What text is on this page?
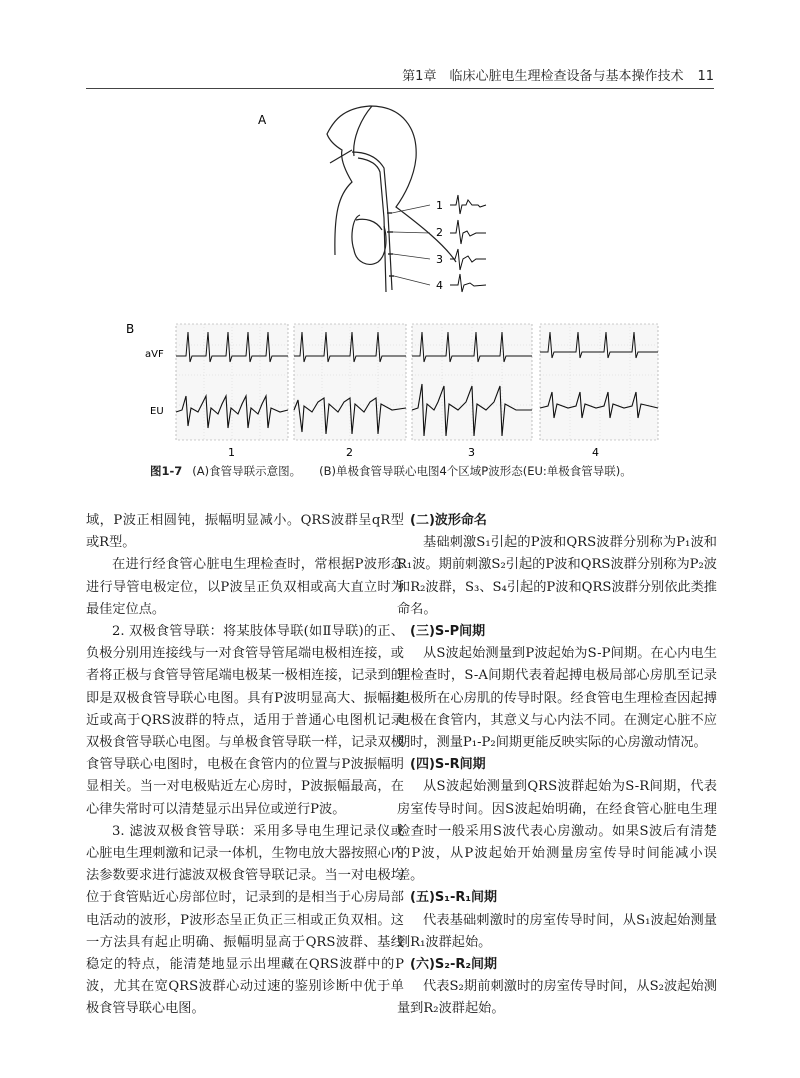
第1章　临床心脏电生理检查设备与基本操作技术 11
A
1
2
3
4
B
aVF
EU
1	2	3	4
图1-7 (A)食管导联示意图。 (B)单极食管导联心电图4个区域P波形态(EU:单极食管导联)。

域，P波正相圆钝，振幅明显减小。QRS波群呈qR型或R型。

在进行经食管心脏电生理检查时，常根据P波形态进行导管电极定位，以P波呈正负双相或高大直立时为最佳定位点。

2. 双极食管导联：将某肢体导联(如Ⅱ导联)的正、负极分别用连接线与一对食管导管尾端电极相连接，或者将正极与食管导管尾端电极某一极相连接，记录到的即是双极食管导联心电图。具有P波明显高大、振幅接近或高于QRS波群的特点，适用于普通心电图机记录双极食管导联心电图。与单极食管导联一样，记录双极食管导联心电图时，电极在食管内的位置与P波振幅明显相关。当一对电极贴近左心房时，P波振幅最高，在心律失常时可以清楚显示出异位或逆行P波。

3. 滤波双极食管导联：采用多导电生理记录仪或心脏电生理刺激和记录一体机，生物电放大器按照心内法参数要求进行滤波双极食管导联记录。当一对电极均位于食管贴近心房部位时，记录到的是相当于心房局部电活动的波形，P波形态呈正负正三相或正负双相。这一方法具有起止明确、振幅明显高于QRS波群、基线稳定的特点，能清楚地显示出埋藏在QRS波群中的P波，尤其在宽QRS波群心动过速的鉴别诊断中优于单极食管导联心电图。

(二)波形命名

基础刺激S₁引起的P波和QRS波群分别称为P₁波和R₁波。期前刺激S₂引起的P波和QRS波群分别称为P₂波和R₂波群，S₃、S₄引起的P波和QRS波群分别依此类推命名。

(三)S-P间期

从S波起始测量到P波起始为S-P间期。在心内电生理检查时，S-A间期代表着起搏电极局部心房肌至记录电极所在心房肌的传导时限。经食管电生理检查因起搏电极在食管内，其意义与心内法不同。在测定心脏不应期时，测量P₁-P₂间期更能反映实际的心房激动情况。

(四)S-R间期

从S波起始测量到QRS波群起始为S-R间期，代表房室传导时间。因S波起始明确，在经食管心脏电生理检查时一般采用S波代表心房激动。如果S波后有清楚的P波，从P波起始开始测量房室传导时间能减小误差。

(五)S₁-R₁间期

代表基础刺激时的房室传导时间，从S₁波起始测量到R₁波群起始。

(六)S₂-R₂间期

代表S₂期前刺激时的房室传导时间，从S₂波起始测量到R₂波群起始。
